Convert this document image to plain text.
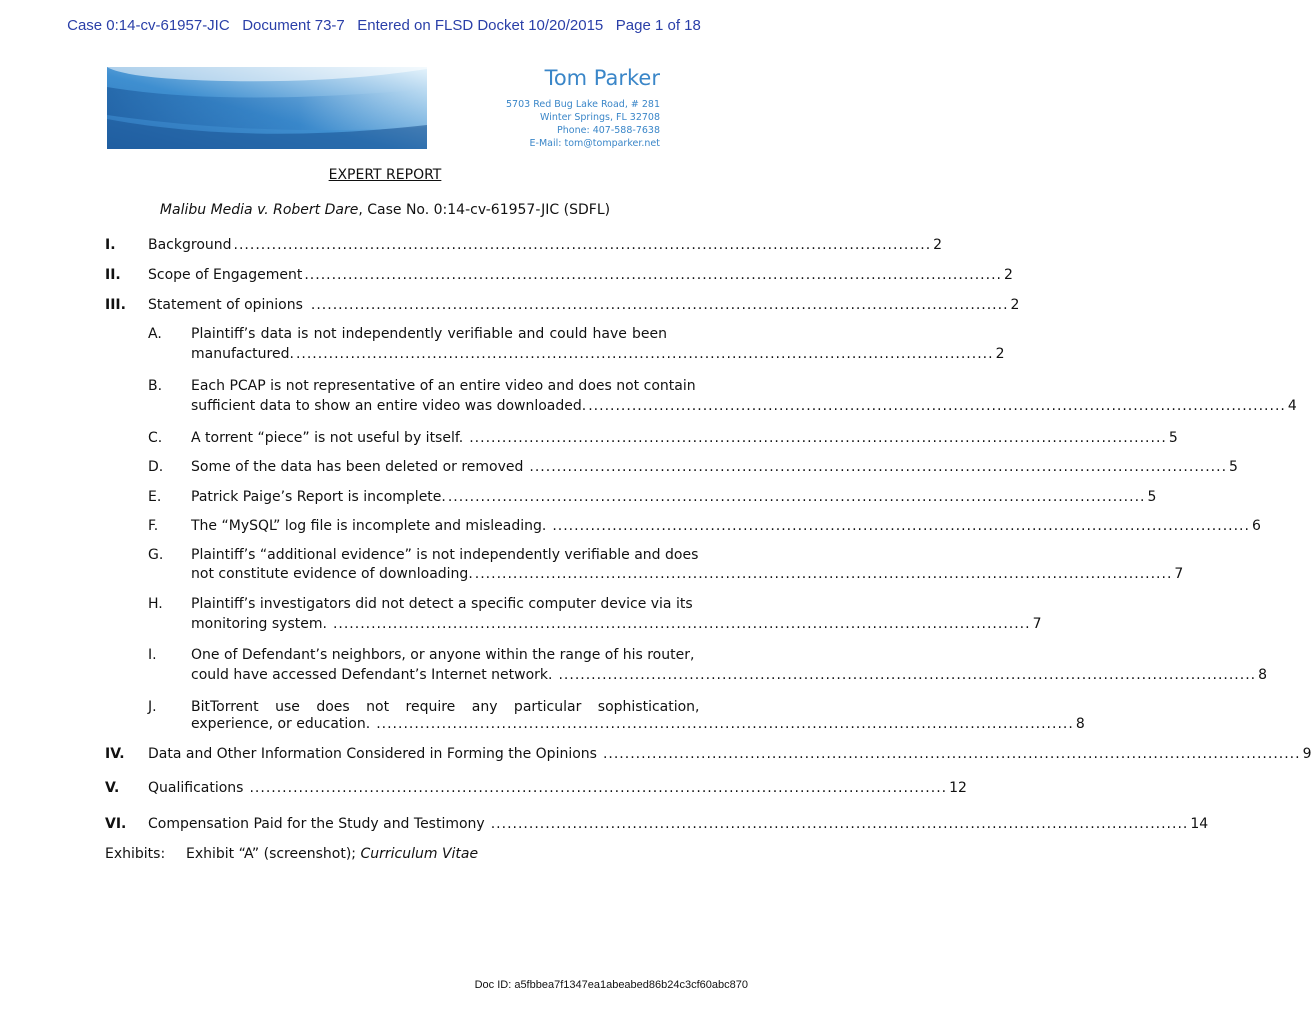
Case 0:14-cv-61957-JIC Document 73-7 Entered on FLSD Docket 10/20/2015 Page 1 of 18
Tom Parker
5703 Red Bug Lake Road, # 281
Winter Springs, FL 32708
Phone: 407-588-7638
E-Mail: tom@tomparker.net
EXPERT REPORT
Malibu Media v. Robert Dare, Case No. 0:14-cv-61957-JIC (SDFL)
I. Background ................................................................................................................................ 2
II. Scope of Engagement ................................................................................................................................ 2
III. Statement of opinions ................................................................................................................................ 2
A. Plaintiff’s data is not independently verifiable and could have been
manufactured. ................................................................................................................................ 2
B. Each PCAP is not representative of an entire video and does not contain
sufficient data to show an entire video was downloaded. ................................................................................................................................ 4
C. A torrent “piece” is not useful by itself. ................................................................................................................................ 5
D. Some of the data has been deleted or removed ................................................................................................................................ 5
E. Patrick Paige’s Report is incomplete. ................................................................................................................................ 5
F. The “MySQL” log file is incomplete and misleading. ................................................................................................................................ 6
G. Plaintiff’s “additional evidence” is not independently verifiable and does
not constitute evidence of downloading. ................................................................................................................................ 7
H. Plaintiff’s investigators did not detect a specific computer device via its
monitoring system. ................................................................................................................................ 7
I. One of Defendant’s neighbors, or anyone within the range of his router,
could have accessed Defendant’s Internet network. ................................................................................................................................ 8
J. BitTorrent use does not require any particular sophistication,
experience, or education. ................................................................................................................................ 8
IV. Data and Other Information Considered in Forming the Opinions ................................................................................................................................ 9
V. Qualifications ................................................................................................................................ 12
VI. Compensation Paid for the Study and Testimony ................................................................................................................................ 14
Exhibits: Exhibit “A” (screenshot); Curriculum Vitae
Doc ID: a5fbbea7f1347ea1abeabed86b24c3cf60abc870
